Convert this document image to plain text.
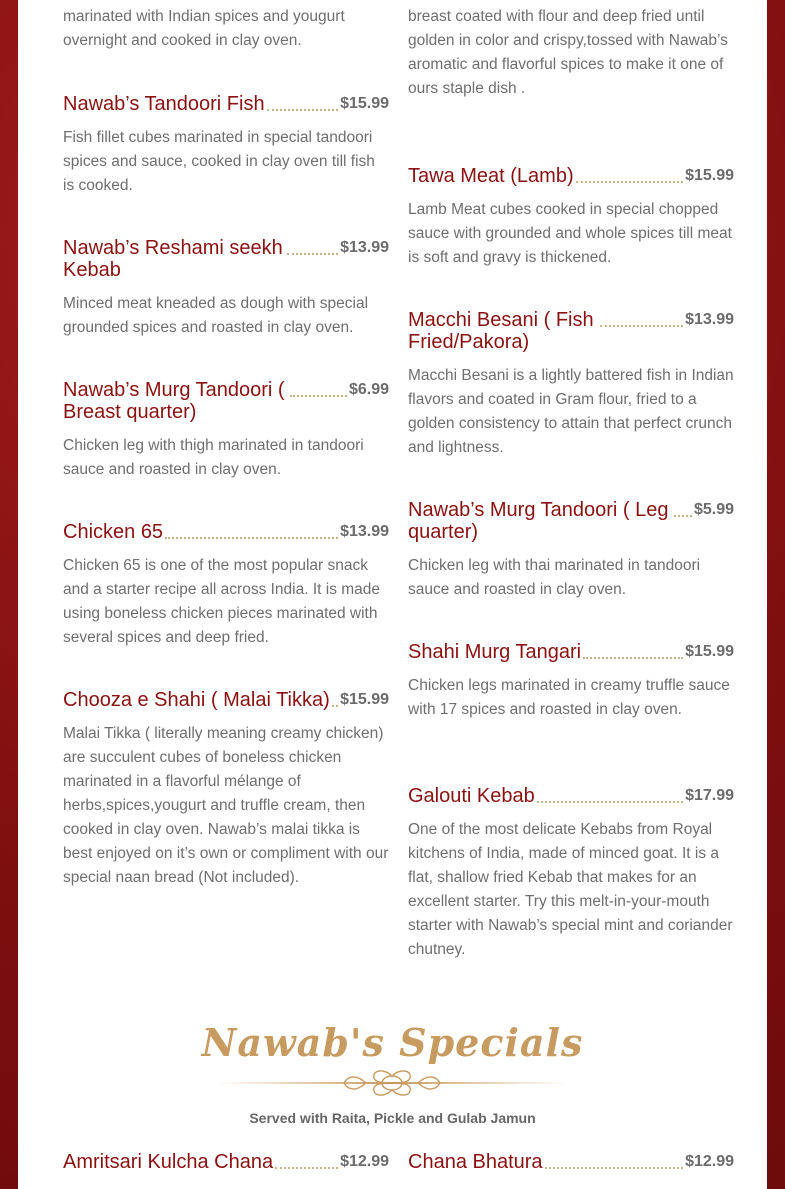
marinated with Indian spices and yougurt overnight and cooked in clay oven.

Nawab’s Tandoori Fish	$15.99

Fish fillet cubes marinated in special tandoori spices and sauce, cooked in clay oven till fish is cooked.

Nawab’s Reshami seekh Kebab
$13.99

Minced meat kneaded as dough with special grounded spices and roasted in clay oven.

Nawab’s Murg Tandoori ( Breast quarter)
$6.99

Chicken leg with thigh marinated in tandoori sauce and roasted in clay oven.

Chicken 65	$13.99

Chicken 65 is one of the most popular snack and a starter recipe all across India. It is made using boneless chicken pieces marinated with several spices and deep fried.

Chooza e Shahi ( Malai Tikka) $15.99

Malai Tikka ( literally meaning creamy chicken) are succulent cubes of boneless chicken marinated in a flavorful mélange of herbs,spices,yougurt and truffle cream, then cooked in clay oven. Nawab’s malai tikka is best enjoyed on it’s own or compliment with our special naan bread (Not included).

breast coated with flour and deep fried until golden in color and crispy,tossed with Nawab’s aromatic and flavorful spices to make it one of ours staple dish .

Tawa Meat (Lamb)	$15.99

Lamb Meat cubes cooked in special chopped sauce with grounded and whole spices till meat is soft and gravy is thickened.

Macchi Besani ( Fish Fried/Pakora)
$13.99

Macchi Besani is a lightly battered fish in Indian flavors and coated in Gram flour, fried to a golden consistency to attain that perfect crunch and lightness.

Nawab’s Murg Tandoori ( Leg quarter)
$5.99

Chicken leg with thai marinated in tandoori sauce and roasted in clay oven.

Shahi Murg Tangari	$15.99

Chicken legs marinated in creamy truffle sauce with 17 spices and roasted in clay oven.

Galouti Kebab	$17.99

One of the most delicate Kebabs from Royal kitchens of India, made of minced goat. It is a flat, shallow fried Kebab that makes for an excellent starter. Try this melt-in-your-mouth starter with Nawab’s special mint and coriander chutney.

Nawab's Specials
Served with Raita, Pickle and Gulab Jamun
Amritsari Kulcha Chana	$12.99 Chana Bhatura	$12.99
